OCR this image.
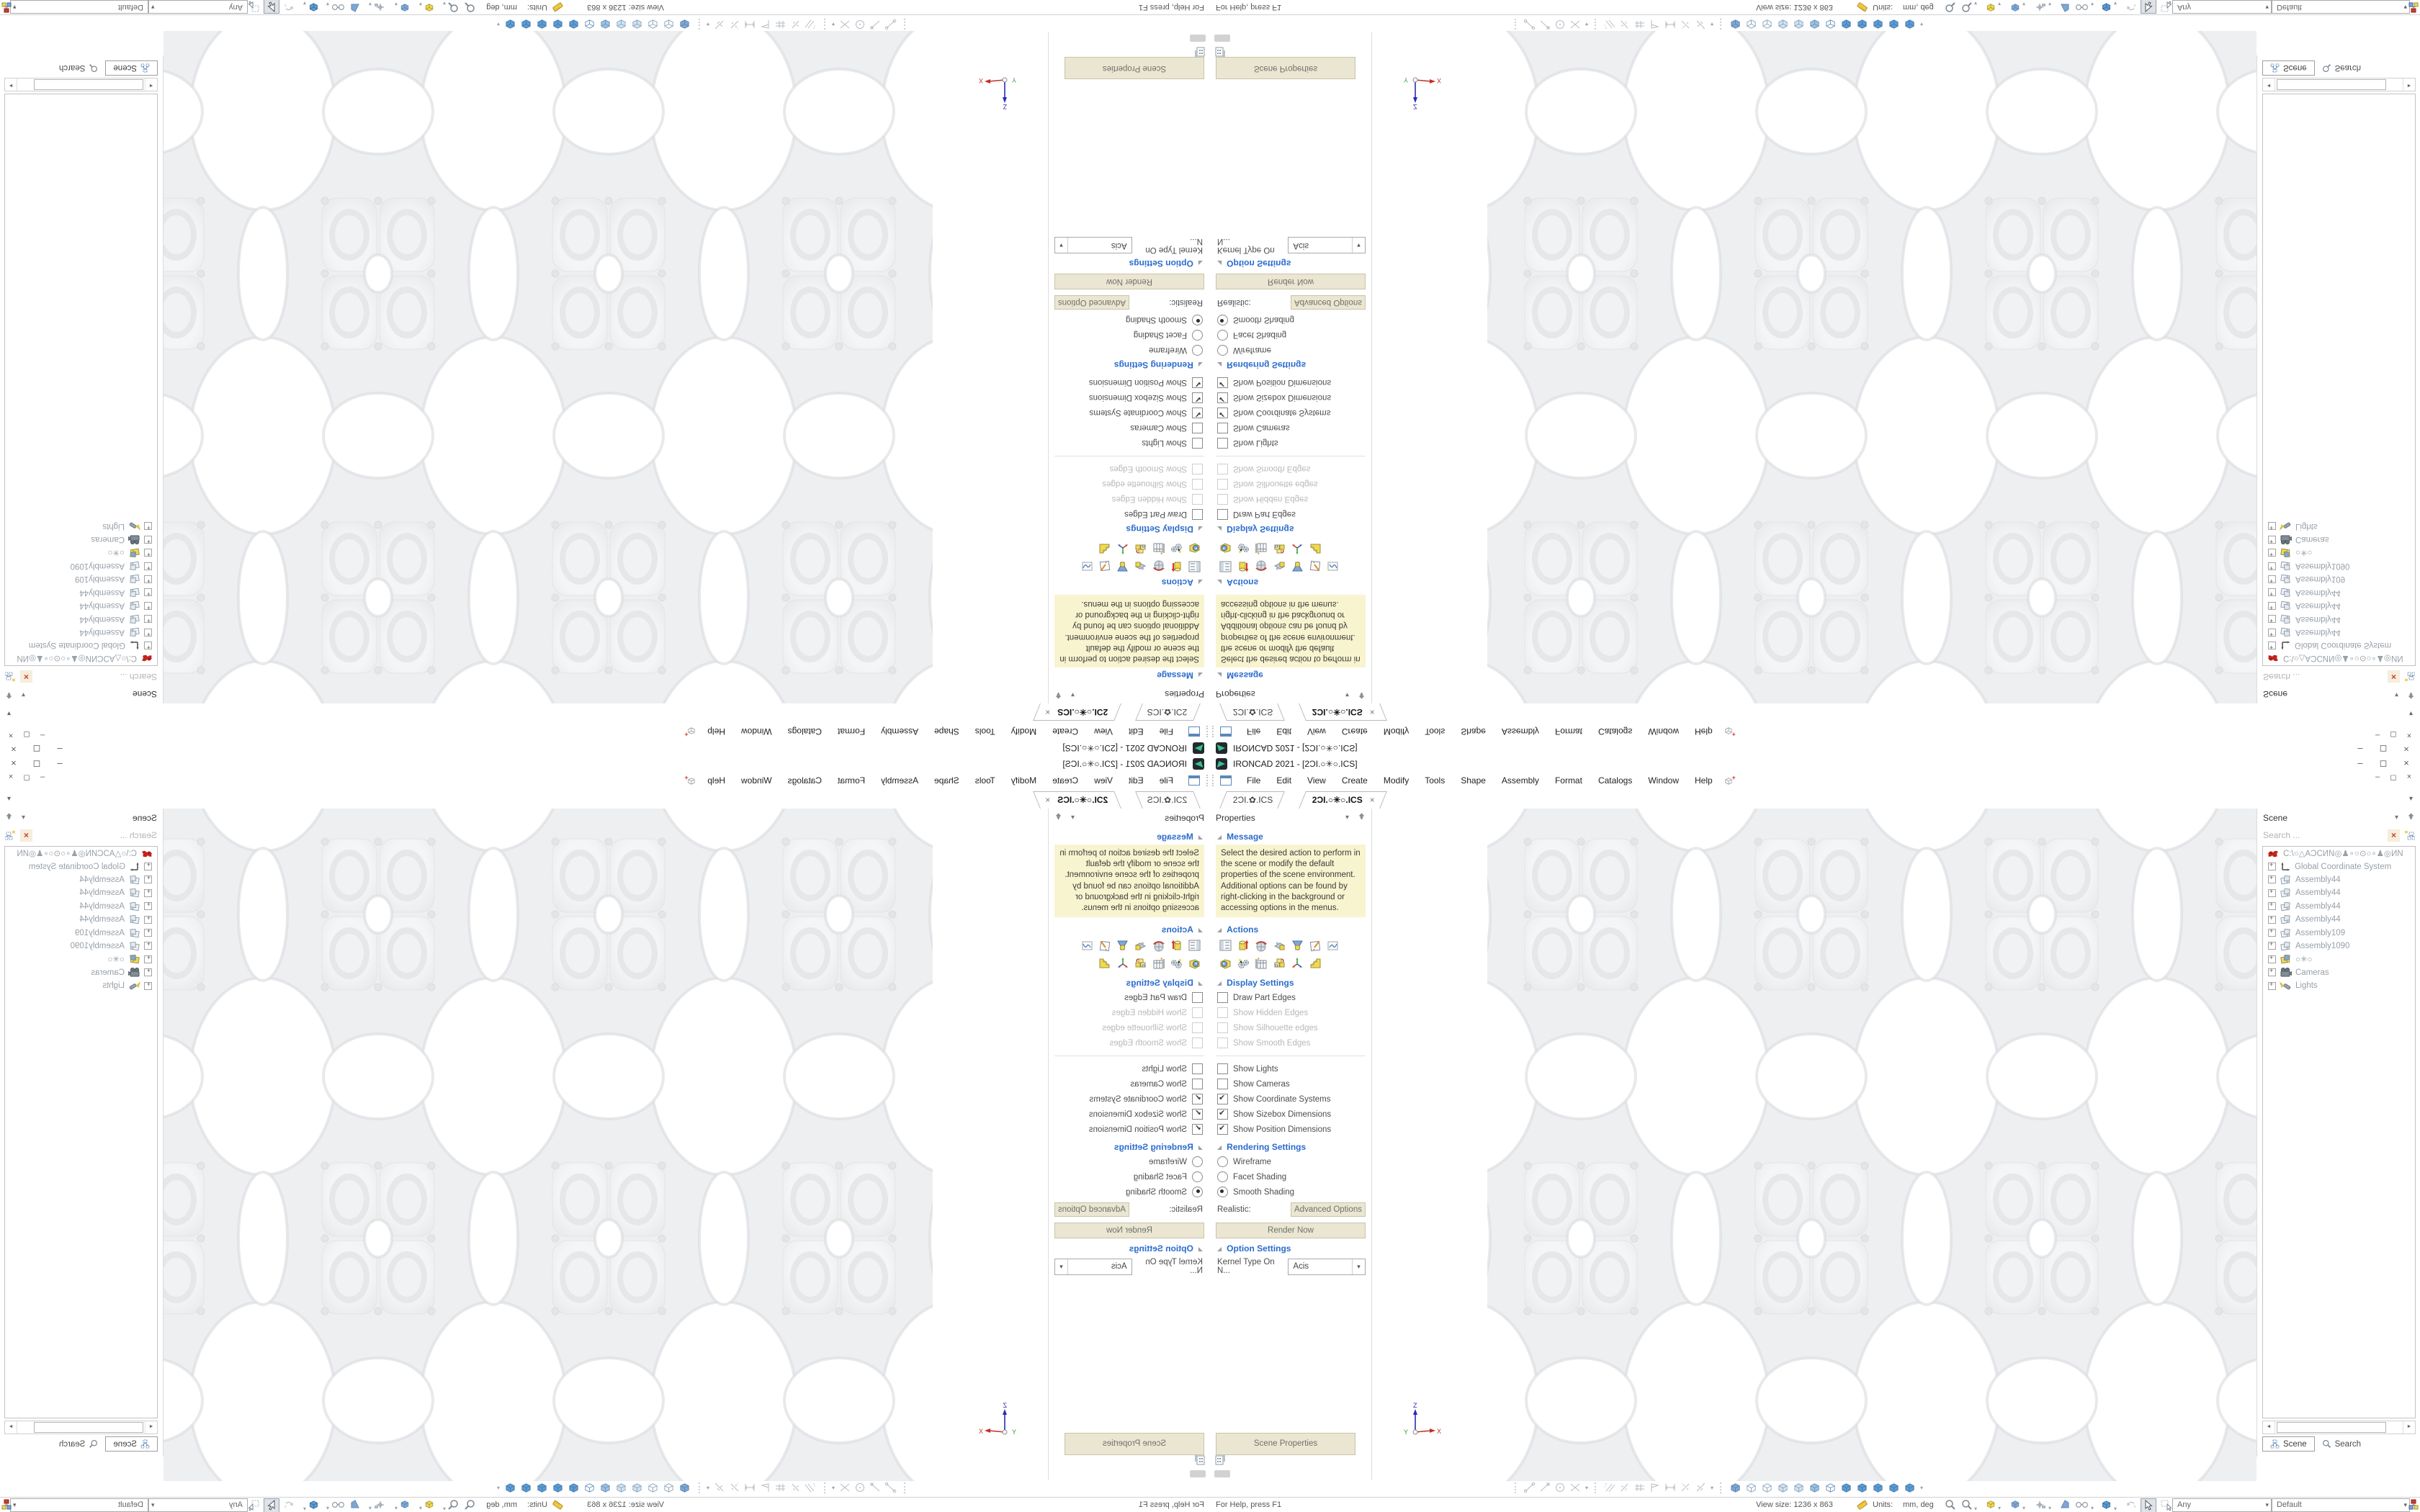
IRONCAD 2021 - [2ƆI.○✳○.ICS]	– ◻ ×
File	Edit	View	Create	Modify	Tools	Shape	Assembly	Format	Catalogs	Window	Help	+	–	◻	×
2ƆI.✿.ICS	2ƆI.○✳○.ICS ×	▾
Properties	▾
◢ Message
Select the desired action to perform in the scene or modify the default properties of the scene environment. Additional options can be found by right-clicking in the background or accessing options in the menus.
◢ Actions
◢ Display Settings
Draw Part Edges
Show Hidden Edges
Show Silhouette edges
Show Smooth Edges
Show Lights
Show Cameras
✔
Show Coordinate Systems
✔
Show Sizebox Dimensions
✔
Show Position Dimensions
◢ Rendering Settings
Wireframe
Facet Shading
Smooth Shading
Realistic:	Advanced Options
Render Now
◢ Option Settings
Kernel Type On N...
Acis	▾
Scene Properties
Z
X
Y
▾	▾	▾
Scene	▾
Search ...	×
C:\○△AƆCИN◎♟∘○⊙○∘♟◎ИN
+
Global Coordinate System
+
Assembly44
+
Assembly44
+
Assembly44
+
Assembly44
+
Assembly109
+
Assembly1090
+
○✳○
+
Cameras
+
Lights
◄	►
Scene	Search
For Help, press F1	View size: 1236 x 863	Units: mm, deg	▾	▾	▾	▾	▾	▾	Any	▾	Default	▾
IRONCAD 2021 - [2ƆI.○✳○.ICS]
–
◻
×
File
Edit
View
Create
Modify
Tools
Shape
Assembly
Format
Catalogs
Window
Help
+
–
◻
×
2ƆI.✿.ICS
2ƆI.○✳○.ICS×
▾
Properties
▾
◢
Message
Select the desired action to perform in the scene or modify the default properties of the scene environment. Additional options can be found by right-clicking in the background or accessing options in the menus.
◢
Actions
◢
Display Settings
Draw Part Edges
Show Hidden Edges
Show Silhouette edges
Show Smooth Edges
Show Lights
Show Cameras
✔
Show Coordinate Systems
✔
Show Sizebox Dimensions
✔
Show Position Dimensions
◢
Rendering Settings
Wireframe
Facet Shading
Smooth Shading
Realistic:
Advanced Options
Render Now
◢
Option Settings
Kernel Type On N...
Acis
▾
Scene Properties
Z
X	Y
▾
▾
▾
Scene
▾
Search ...
×
C:\○△AƆCИN◎♟∘○⊙○∘♟◎ИN
+
Global Coordinate System
+
Assembly44
+
Assembly44
+
Assembly44
+
Assembly44
+
Assembly109
+
Assembly1090
+
○✳○
+
Cameras
+
Lights
◄
►
Scene
Search
For Help, press F1
View size: 1236 x 863
Units:
mm, deg
▾
▾
▾
▾
▾
▾
Any
▾
Default
▾
IRONCAD 2021 - [2ƆI.○✳○.ICS]	– ◻ ×
File	Edit	View	Create	Modify	Tools	Shape	Assembly	Format	Catalogs	Window	Help	+	–	◻	×
2ƆI.✿.ICS	2ƆI.○✳○.ICS ×	▾
Properties	▾
◢ Message
Select the desired action to perform in the scene or modify the default properties of the scene environment. Additional options can be found by right-clicking in the background or accessing options in the menus.
◢ Actions
◢ Display Settings
Draw Part Edges
Show Hidden Edges
Show Silhouette edges
Show Smooth Edges
Show Lights
Show Cameras
✔
Show Coordinate Systems
✔
Show Sizebox Dimensions
✔
Show Position Dimensions
◢ Rendering Settings
Wireframe
Facet Shading
Smooth Shading
Realistic:	Advanced Options
Render Now
◢ Option Settings
Kernel Type On N...
Acis	▾
Scene Properties
Z
X
Y
▾	▾	▾
Scene	▾
Search ...	×
C:\○△AƆCИN◎♟∘○⊙○∘♟◎ИN
+
Global Coordinate System
+
Assembly44
+
Assembly44
+
Assembly44
+
Assembly44
+
Assembly109
+
Assembly1090
+
○✳○
+
Cameras
+
Lights
◄	►
Scene	Search
For Help, press F1	View size: 1236 x 863	Units: mm, deg	▾	▾	▾	▾	▾	▾	Any	▾	Default	▾
IRONCAD 2021 - [2ƆI.○✳○.ICS]
–
◻
×
File
Edit
View
Create
Modify
Tools
Shape
Assembly
Format
Catalogs
Window
Help
+
–
◻
×
2ƆI.✿.ICS
2ƆI.○✳○.ICS×
▾
Properties
▾
◢
Message
Select the desired action to perform in the scene or modify the default properties of the scene environment. Additional options can be found by right-clicking in the background or accessing options in the menus.
◢
Actions
◢
Display Settings
Draw Part Edges
Show Hidden Edges
Show Silhouette edges
Show Smooth Edges
Show Lights
Show Cameras
✔
Show Coordinate Systems
✔
Show Sizebox Dimensions
✔
Show Position Dimensions
◢
Rendering Settings
Wireframe
Facet Shading
Smooth Shading
Realistic:
Advanced Options
Render Now
◢
Option Settings
Kernel Type On N...
Acis
▾
Scene Properties
Z
X	Y
▾
▾
▾
Scene
▾
Search ...
×
C:\○△AƆCИN◎♟∘○⊙○∘♟◎ИN
+
Global Coordinate System
+
Assembly44
+
Assembly44
+
Assembly44
+
Assembly44
+
Assembly109
+
Assembly1090
+
○✳○
+
Cameras
+
Lights
◄
►
Scene
Search
For Help, press F1
View size: 1236 x 863
Units:
mm, deg
▾
▾
▾
▾
▾
▾
Any
▾
Default
▾
